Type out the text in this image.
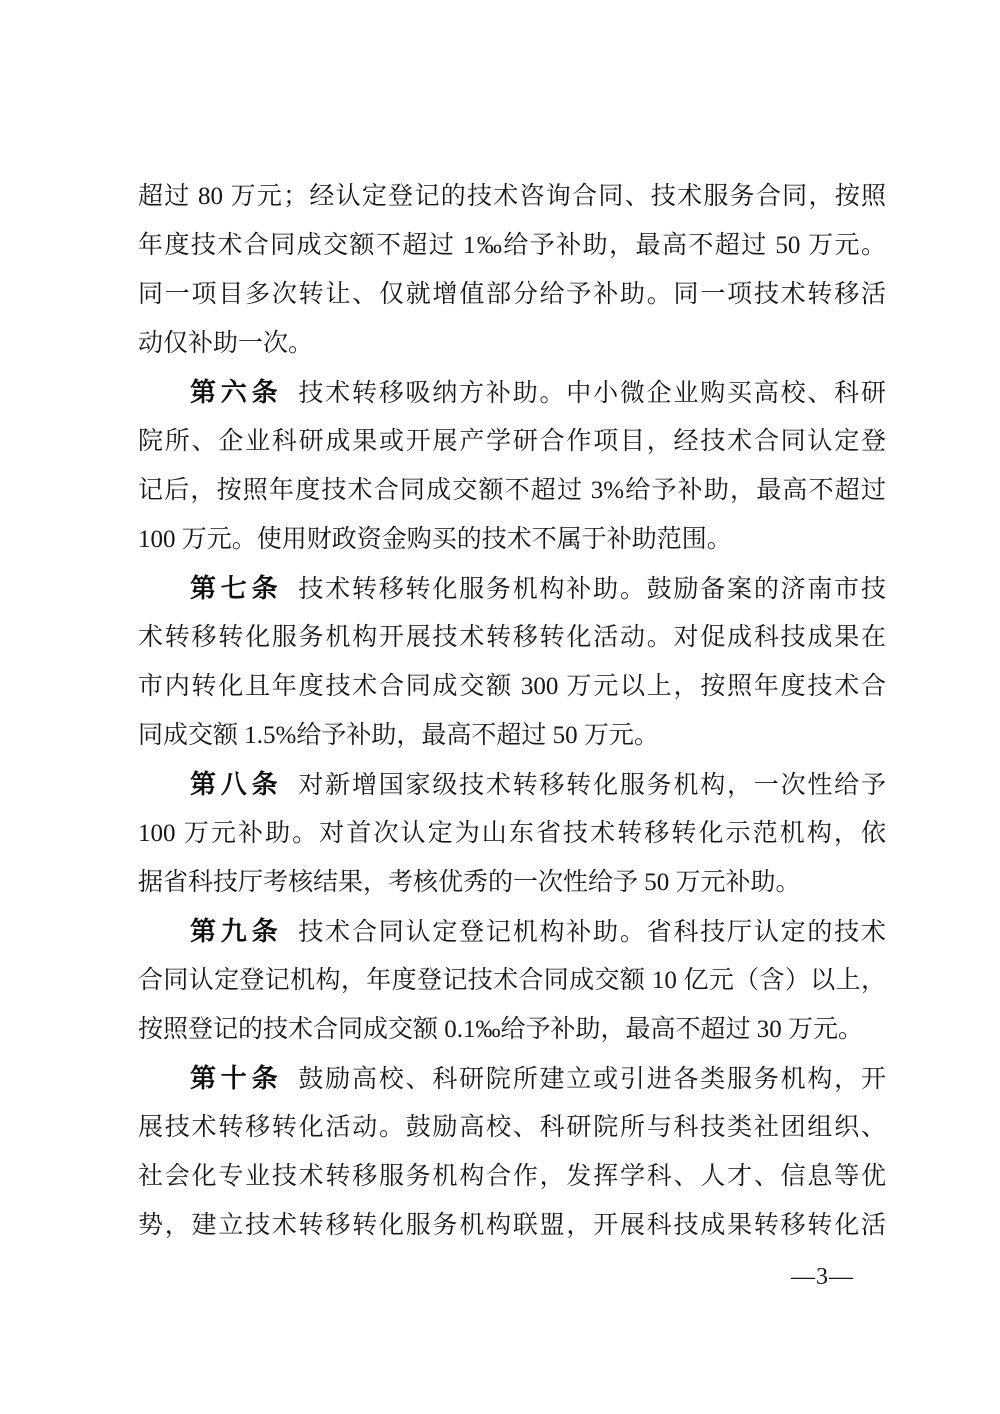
超过 80 万元；经认定登记的技术咨询合同、技术服务合同，按照
年度技术合同成交额不超过 1‰给予补助，最高不超过 50 万元。
同一项目多次转让、仅就增值部分给予补助。同一项技术转移活
动仅补助一次。
第六条 技术转移吸纳方补助。中小微企业购买高校、科研
院所、企业科研成果或开展产学研合作项目，经技术合同认定登
记后，按照年度技术合同成交额不超过 3%给予补助，最高不超过
100 万元。使用财政资金购买的技术不属于补助范围。
第七条 技术转移转化服务机构补助。鼓励备案的济南市技
术转移转化服务机构开展技术转移转化活动。对促成科技成果在
市内转化且年度技术合同成交额 300 万元以上，按照年度技术合
同成交额 1.5%给予补助，最高不超过 50 万元。
第八条 对新增国家级技术转移转化服务机构，一次性给予
100 万元补助。对首次认定为山东省技术转移转化示范机构，依
据省科技厅考核结果，考核优秀的一次性给予 50 万元补助。
第九条 技术合同认定登记机构补助。省科技厅认定的技术
合同认定登记机构，年度登记技术合同成交额 10 亿元（含）以上，
按照登记的技术合同成交额 0.1‰给予补助，最高不超过 30 万元。
第十条 鼓励高校、科研院所建立或引进各类服务机构，开
展技术转移转化活动。鼓励高校、科研院所与科技类社团组织、
社会化专业技术转移服务机构合作，发挥学科、人才、信息等优
势，建立技术转移转化服务机构联盟，开展科技成果转移转化活
—3—
